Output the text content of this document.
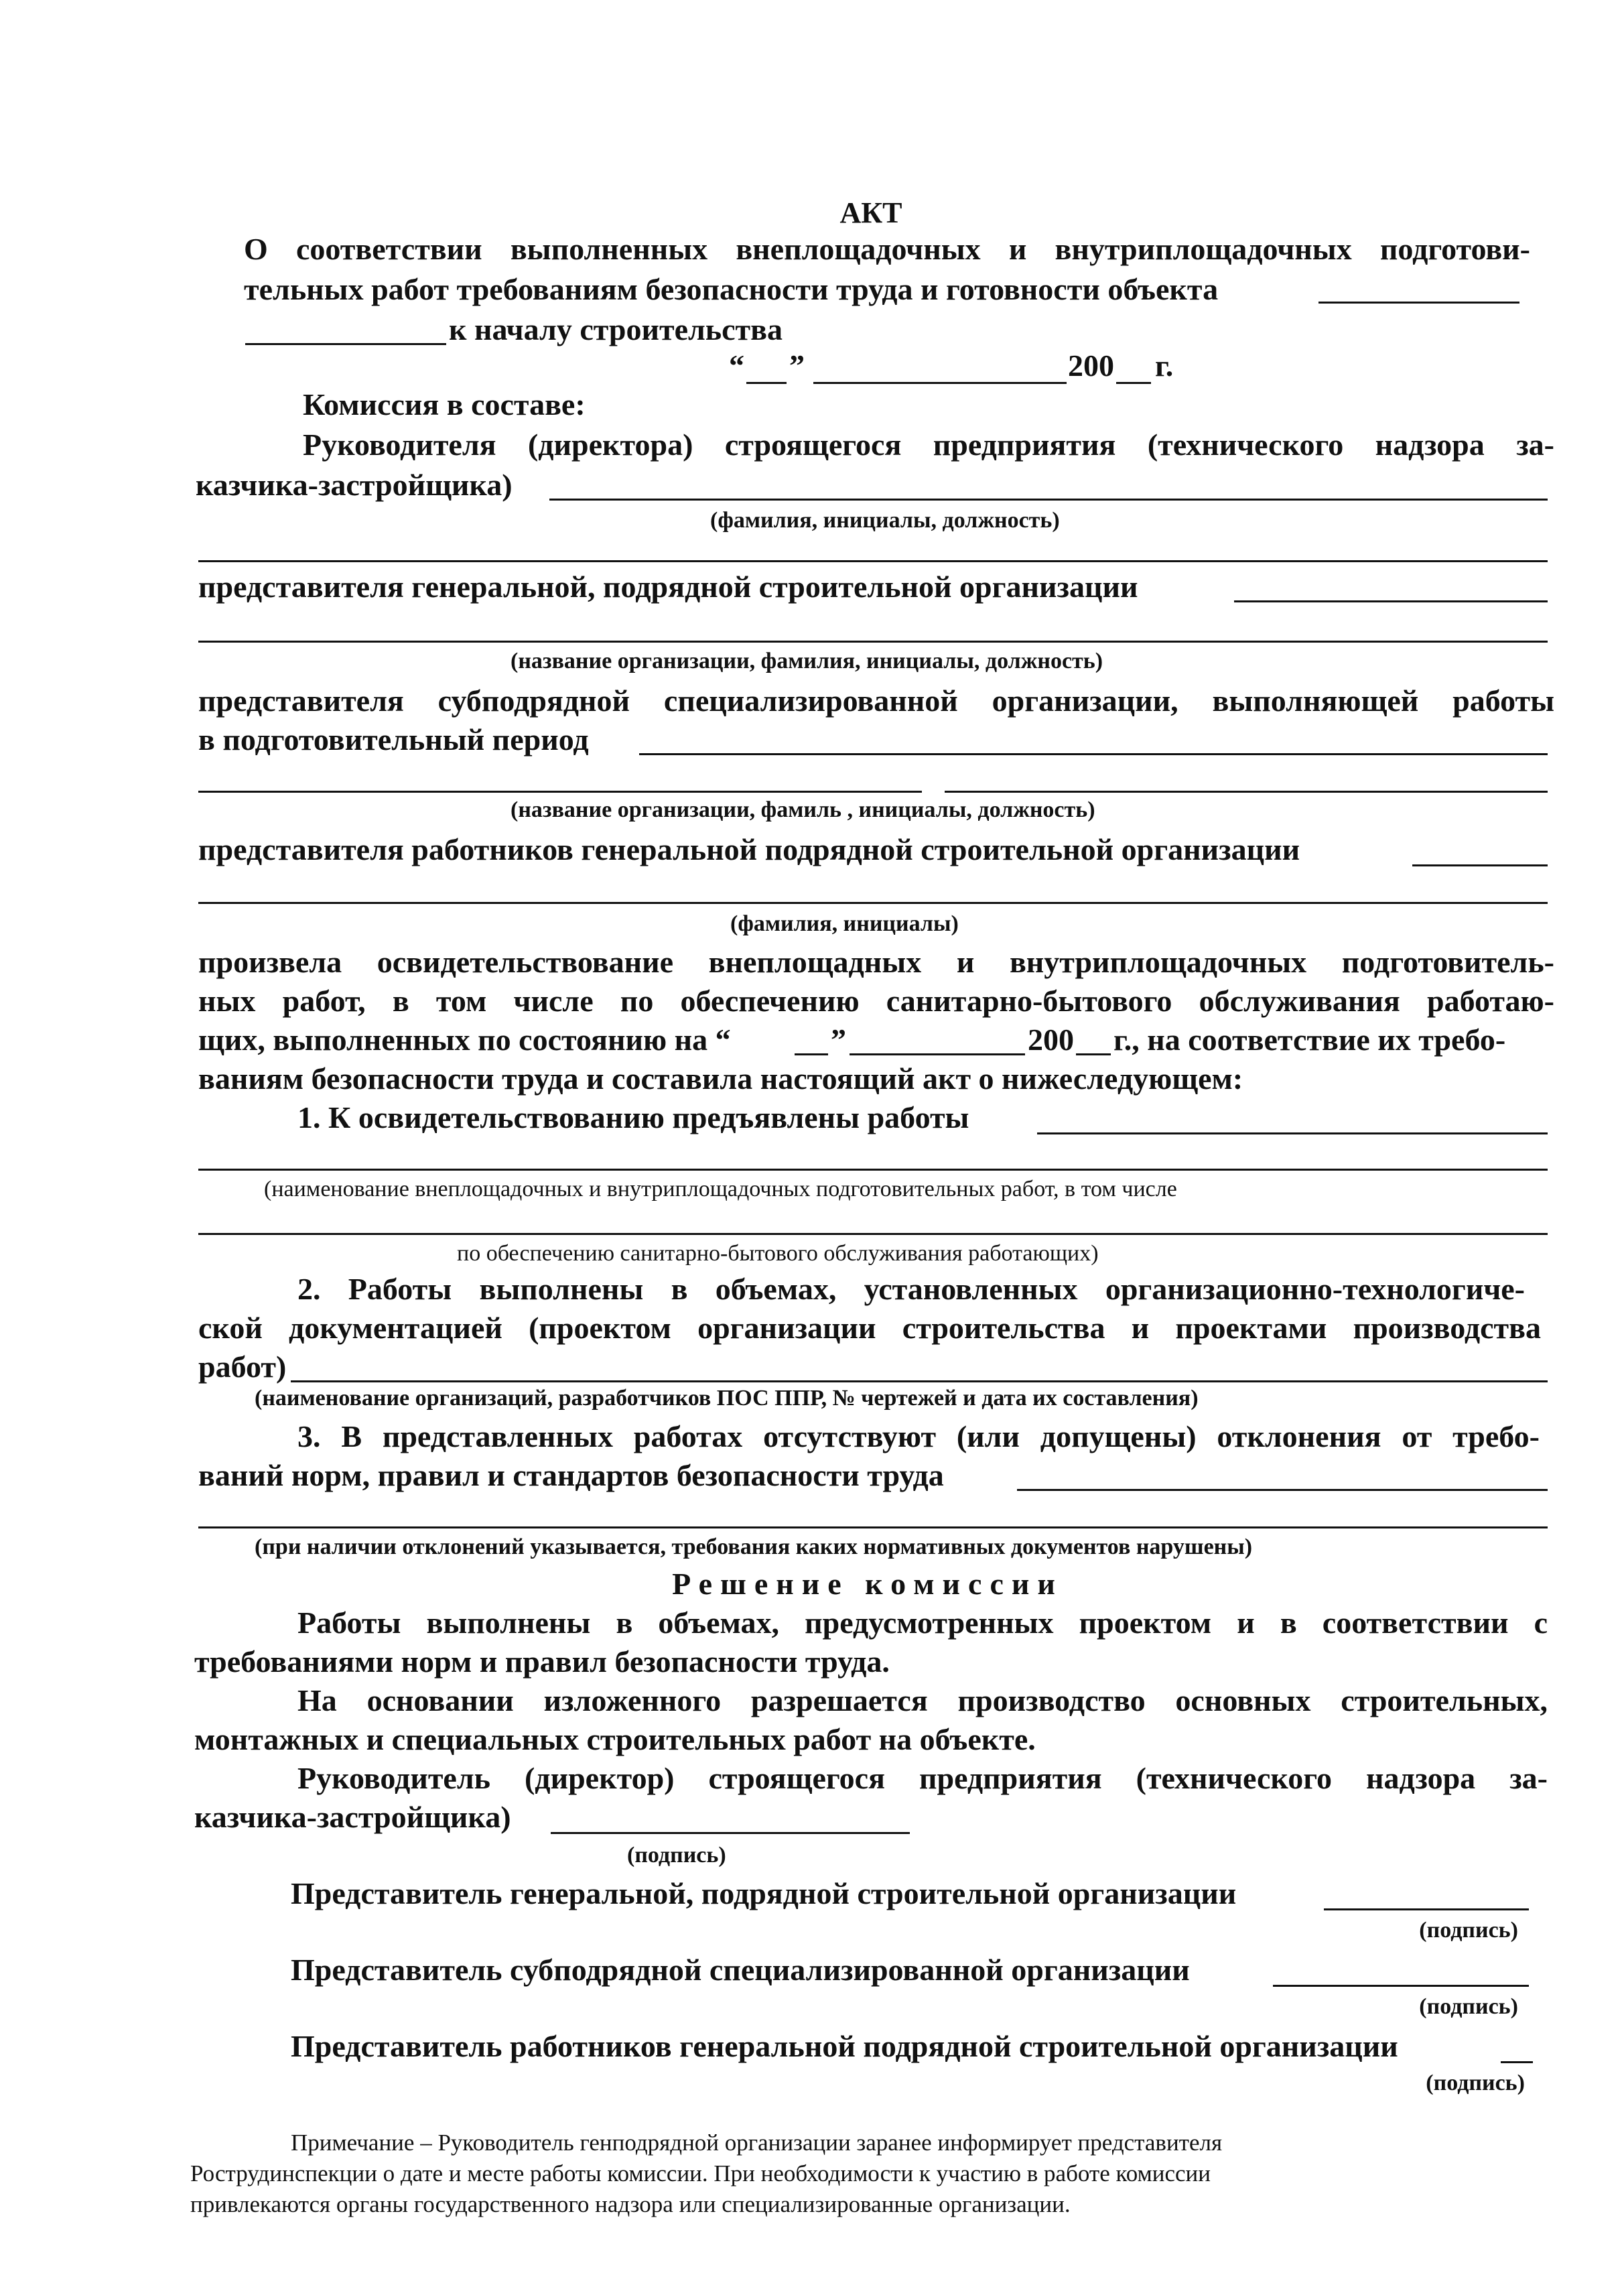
АКТ
О соответствии выполненных внеплощадочных и внутриплощадочных подготови-
тельных работ требованиям безопасности труда и готовности объекта
к началу строительства
“ ”	200 г.
Комиссия в составе:
Руководителя (директора) строящегося предприятия (технического надзора за-
казчика-застройщика)
(фамилия, инициалы, должность)
представителя генеральной, подрядной строительной организации
(название организации, фамилия, инициалы, должность)
представителя субподрядной специализированной организации, выполняющей работы
в подготовительный период
(название организации, фамиль , инициалы, должность)
представителя работников генеральной подрядной строительной организации
(фамилия, инициалы)
произвела освидетельствование внеплощадных и внутриплощадочных подготовитель-
ных работ, в том числе по обеспечению санитарно-бытового обслуживания работаю-
щих, выполненных по состоянию на “	”	200 г., на соответствие их требо-
ваниям безопасности труда и составила настоящий акт о нижеследующем:
1. К освидетельствованию предъявлены работы
(наименование внеплощадочных и внутриплощадочных подготовительных работ, в том числе
по обеспечению санитарно-бытового обслуживания работающих)
2. Работы выполнены в объемах, установленных организационно-технологиче-
ской документацией (проектом организации строительства и проектами производства
работ)
(наименование организаций, разработчиков ПОС ППР, № чертежей и дата их составления)
3. В представленных работах отсутствуют (или допущены) отклонения от требо-
ваний норм, правил и стандартов безопасности труда
(при наличии отклонений указывается, требования каких нормативных документов нарушены)
Решение комиссии
Работы выполнены в объемах, предусмотренных проектом и в соответствии с
требованиями норм и правил безопасности труда.
На основании изложенного разрешается производство основных строительных,
монтажных и специальных строительных работ на объекте.
Руководитель (директор) строящегося предприятия (технического надзора за-
казчика-застройщика)
(подпись)
Представитель генеральной, подрядной строительной организации
(подпись)
Представитель субподрядной специализированной организации
(подпись)
Представитель работников генеральной подрядной строительной организации
(подпись)
Примечание – Руководитель генподрядной организации заранее информирует представителя
Рострудинспекции о дате и месте работы комиссии. При необходимости к участию в работе комиссии
привлекаются органы государственного надзора или специализированные организации.
